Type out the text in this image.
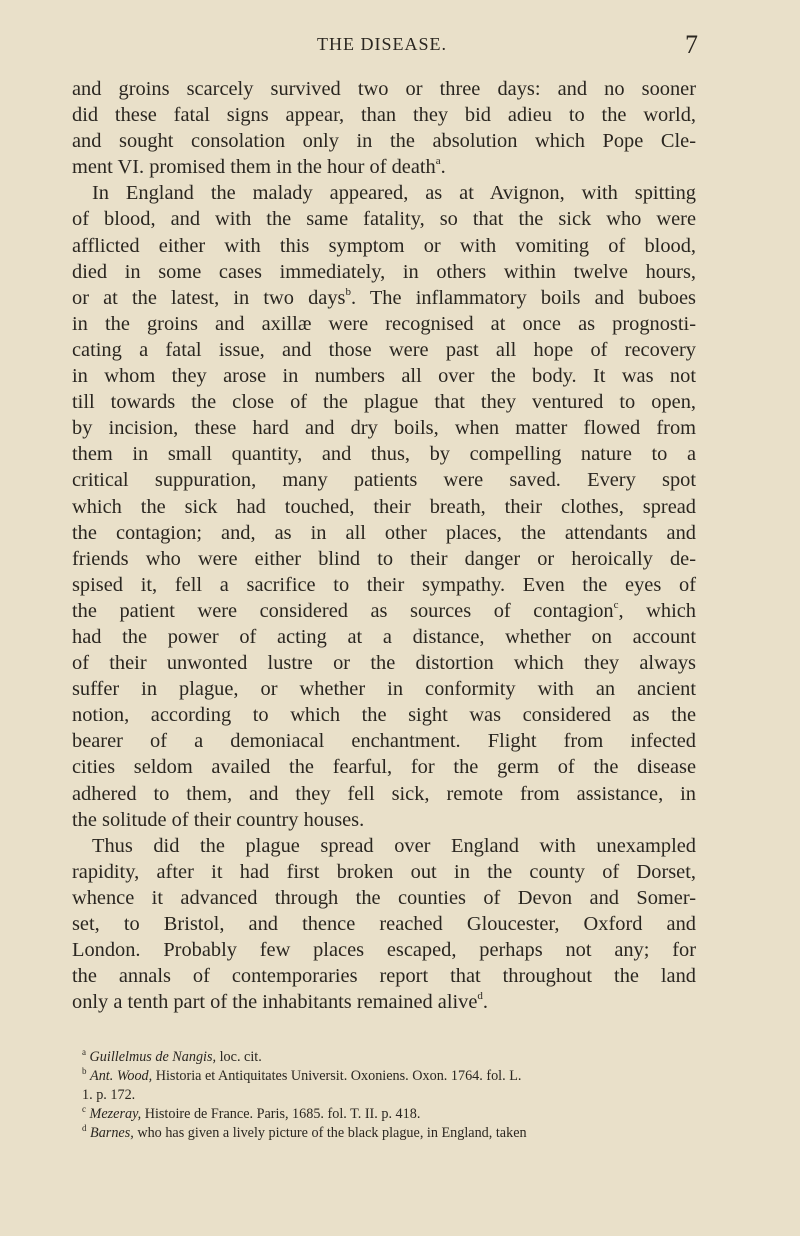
THE DISEASE.	7
and groins scarcely survived two or three days: and no sooner
did these fatal signs appear, than they bid adieu to the world,
and sought consolation only in the absolution which Pope Cle-
ment VI. promised them in the hour of death$^a$.
In England the malady appeared, as at Avignon, with spitting
of blood, and with the same fatality, so that the sick who were
afflicted either with this symptom or with vomiting of blood,
died in some cases immediately, in others within twelve hours,
or at the latest, in two days$^b$. The inflammatory boils and buboes
in the groins and axillæ were recognised at once as prognosti-
cating a fatal issue, and those were past all hope of recovery
in whom they arose in numbers all over the body. It was not
till towards the close of the plague that they ventured to open,
by incision, these hard and dry boils, when matter flowed from
them in small quantity, and thus, by compelling nature to a
critical suppuration, many patients were saved. Every spot
which the sick had touched, their breath, their clothes, spread
the contagion; and, as in all other places, the attendants and
friends who were either blind to their danger or heroically de-
spised it, fell a sacrifice to their sympathy. Even the eyes of
the patient were considered as sources of contagion$^c$, which
had the power of acting at a distance, whether on account
of their unwonted lustre or the distortion which they always
suffer in plague, or whether in conformity with an ancient
notion, according to which the sight was considered as the
bearer of a demoniacal enchantment. Flight from infected
cities seldom availed the fearful, for the germ of the disease
adhered to them, and they fell sick, remote from assistance, in
the solitude of their country houses.
Thus did the plague spread over England with unexampled
rapidity, after it had first broken out in the county of Dorset,
whence it advanced through the counties of Devon and Somer-
set, to Bristol, and thence reached Gloucester, Oxford and
London. Probably few places escaped, perhaps not any; for
the annals of contemporaries report that throughout the land
only a tenth part of the inhabitants remained alive$^d$.
$^a$ Guillelmus de Nangis, loc. cit.
$^b$ Ant. Wood, Historia et Antiquitates Universit. Oxoniens. Oxon. 1764. fol. L.
1. p. 172.
$^c$ Mezeray, Histoire de France. Paris, 1685. fol. T. II. p. 418.
$^d$ Barnes, who has given a lively picture of the black plague, in England, taken
